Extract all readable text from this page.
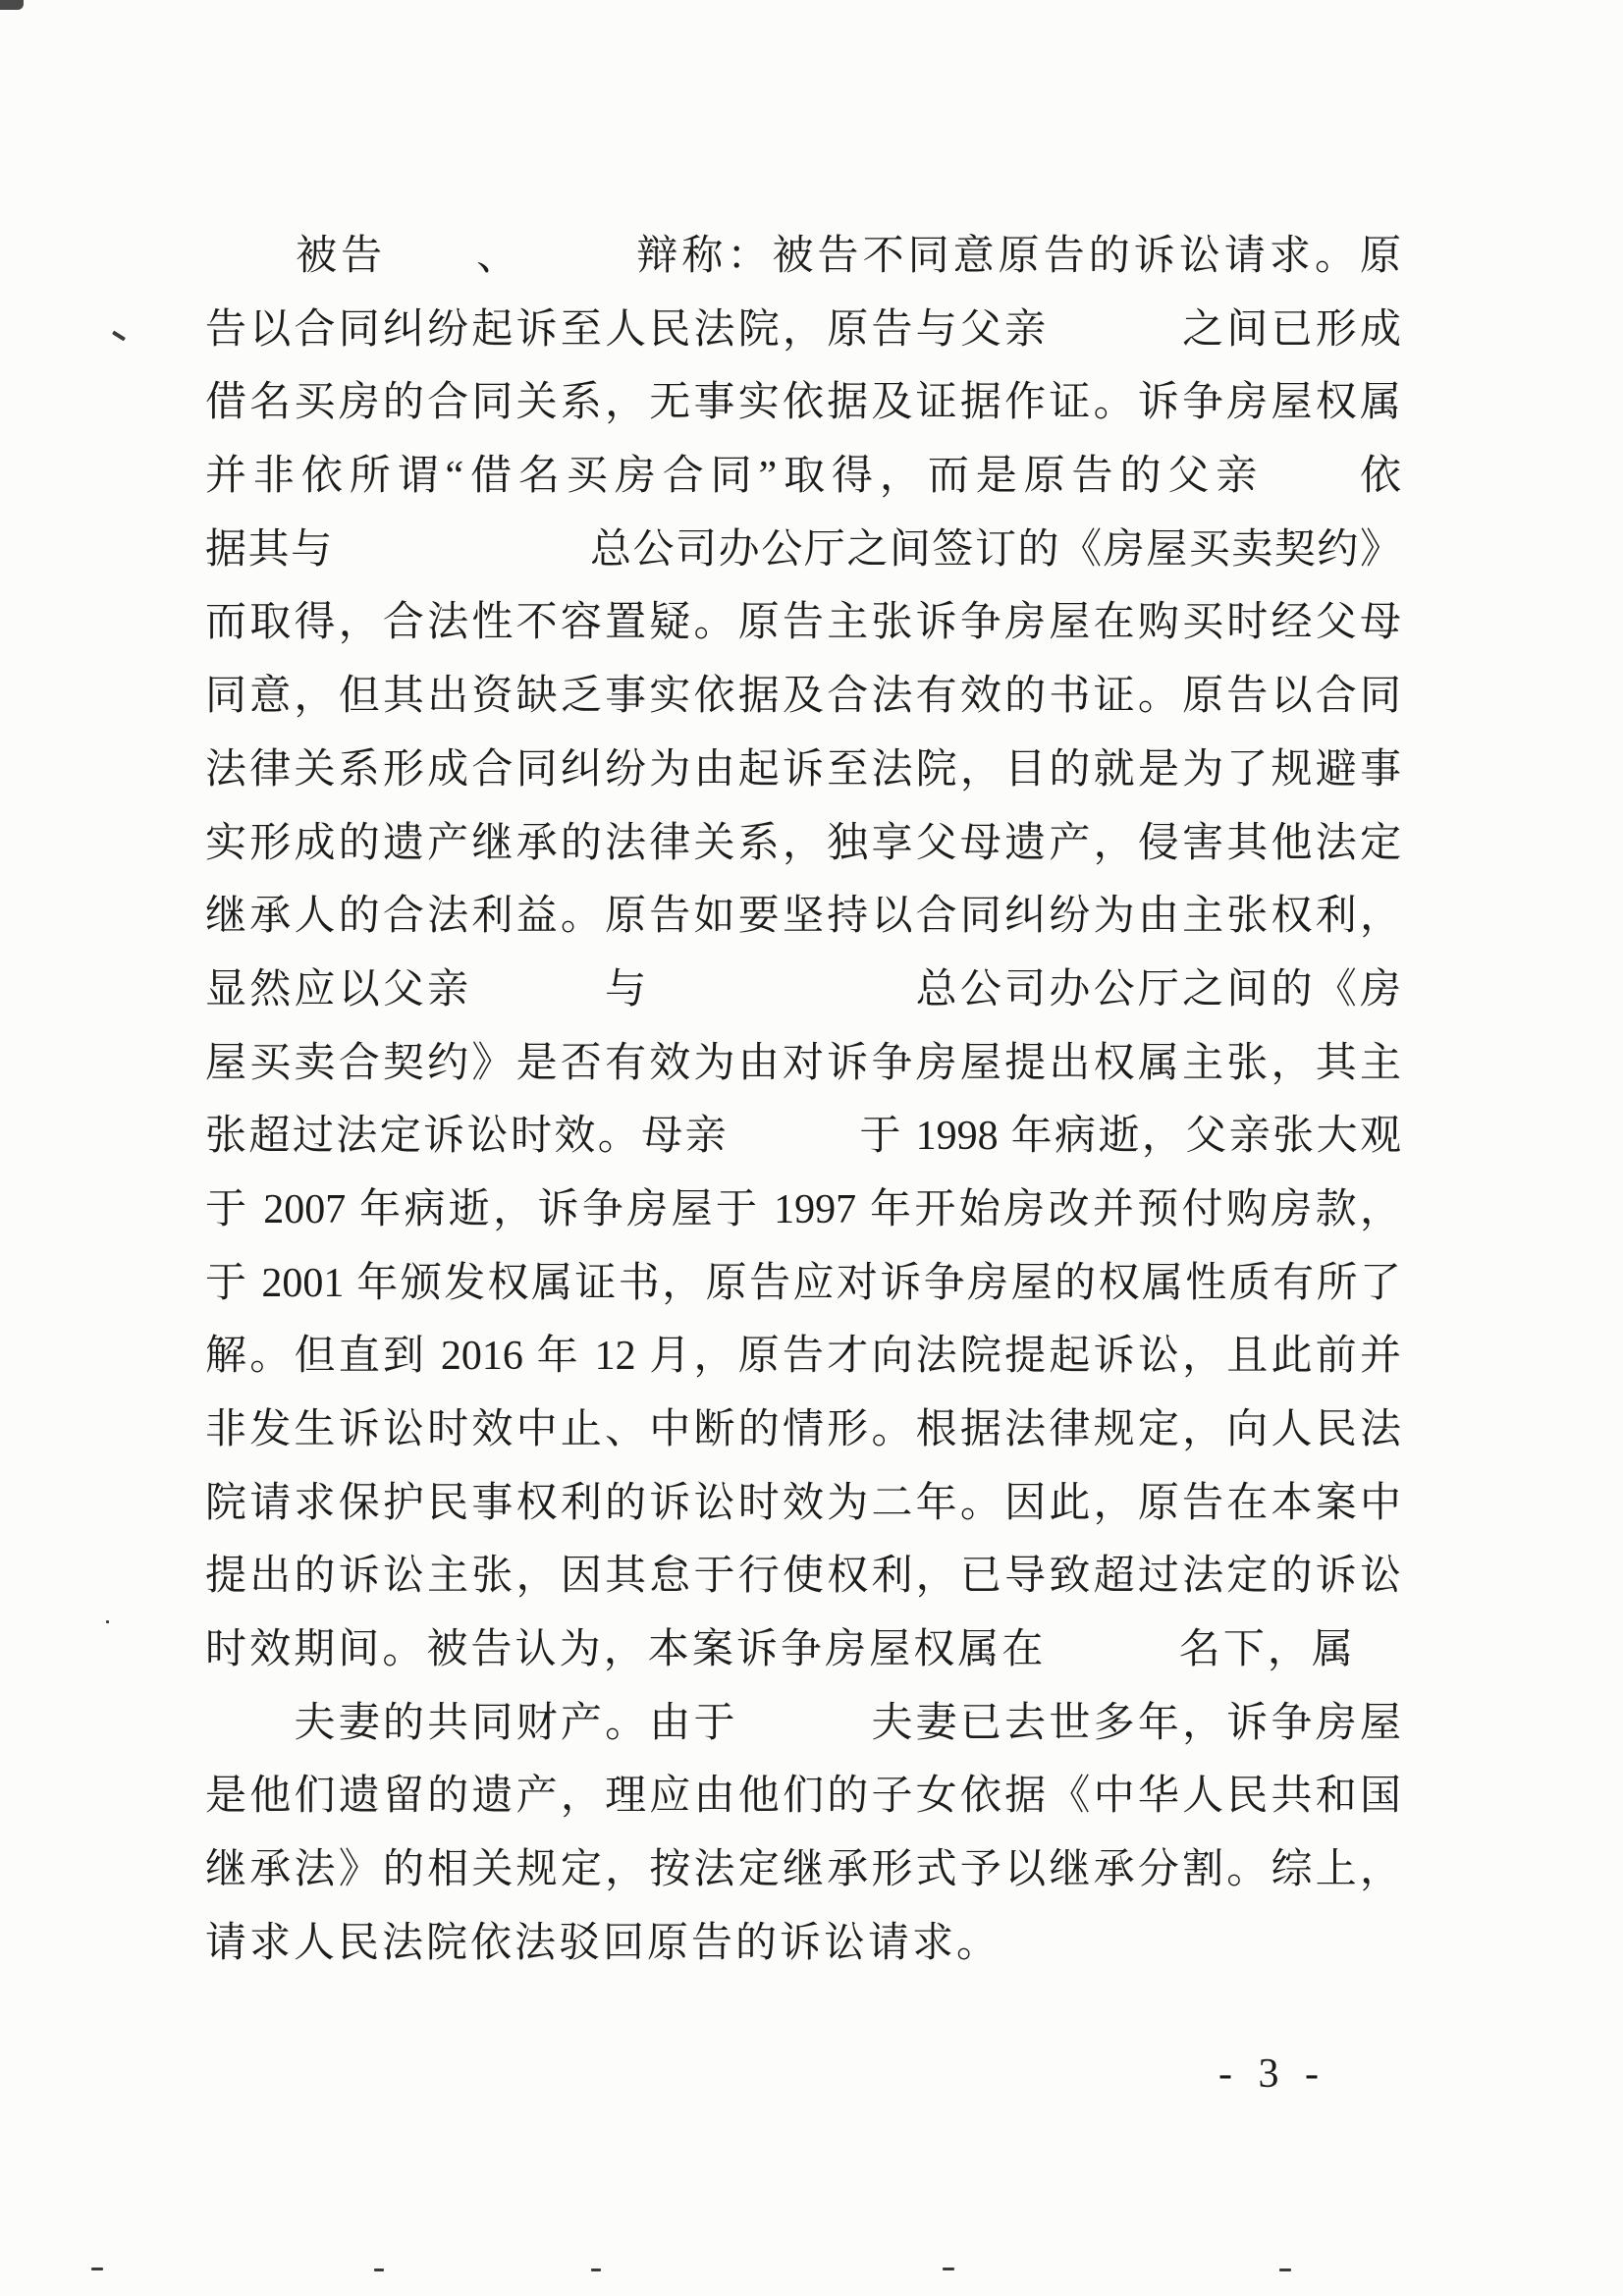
　　被告　　、　　　辩称：被告不同意原告的诉讼请求。原
告以合同纠纷起诉至人民法院，原告与父亲　　　之间已形成
借名买房的合同关系，无事实依据及证据作证。诉争房屋权属
并非依所谓“借名买房合同”取得，而是原告的父亲　　依
据其与　　　　　　总公司办公厅之间签订的《房屋买卖契约》
而取得，合法性不容置疑。原告主张诉争房屋在购买时经父母
同意，但其出资缺乏事实依据及合法有效的书证。原告以合同
法律关系形成合同纠纷为由起诉至法院，目的就是为了规避事
实形成的遗产继承的法律关系，独享父母遗产，侵害其他法定
继承人的合法利益。原告如要坚持以合同纠纷为由主张权利，
显然应以父亲　　　与　　　　　　总公司办公厅之间的《房
屋买卖合契约》是否有效为由对诉争房屋提出权属主张，其主
张超过法定诉讼时效。母亲　　　于 1998 年病逝，父亲张大观
于 2007 年病逝，诉争房屋于 1997 年开始房改并预付购房款，
于 2001 年颁发权属证书，原告应对诉争房屋的权属性质有所了
解。但直到 2016 年 12 月，原告才向法院提起诉讼，且此前并
非发生诉讼时效中止、中断的情形。根据法律规定，向人民法
院请求保护民事权利的诉讼时效为二年。因此，原告在本案中
提出的诉讼主张，因其怠于行使权利，已导致超过法定的诉讼
时效期间。被告认为，本案诉争房屋权属在　　　名下，属
　　夫妻的共同财产。由于　　　夫妻已去世多年，诉争房屋
是他们遗留的遗产，理应由他们的子女依据《中华人民共和国
继承法》的相关规定，按法定继承形式予以继承分割。综上，
请求人民法院依法驳回原告的诉讼请求。
- 3 -
